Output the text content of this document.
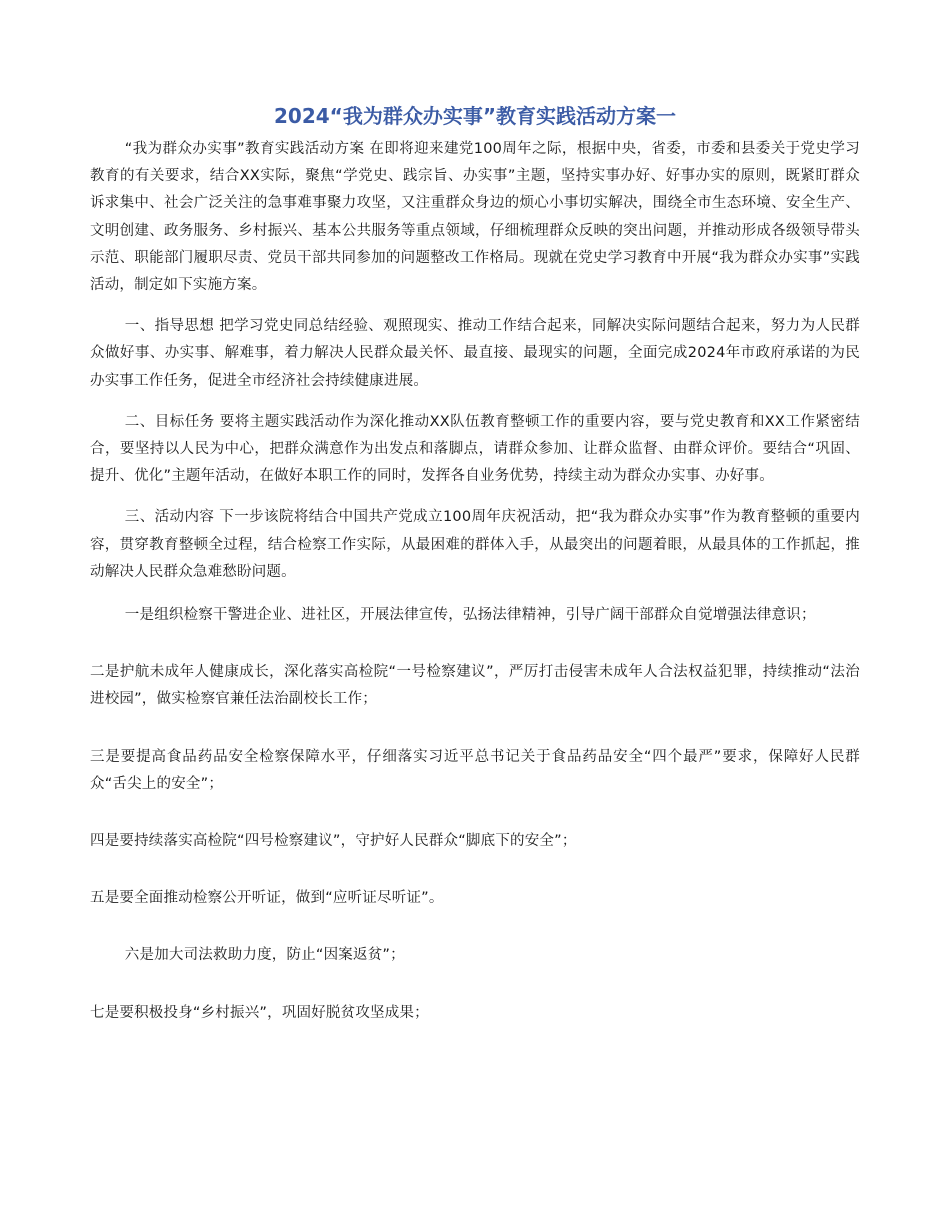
2024“我为群众办实事”教育实践活动方案一

“我为群众办实事”教育实践活动方案 在即将迎来建党100周年之际，根据中央，省委，市委和县委关于党史学习教育的有关要求，结合XX实际，聚焦“学党史、践宗旨、办实事”主题，坚持实事办好、好事办实的原则，既紧盯群众诉求集中、社会广泛关注的急事难事聚力攻坚，又注重群众身边的烦心小事切实解决，围绕全市生态环境、安全生产、文明创建、政务服务、乡村振兴、基本公共服务等重点领域，仔细梳理群众反映的突出问题，并推动形成各级领导带头示范、职能部门履职尽责、党员干部共同参加的问题整改工作格局。现就在党史学习教育中开展“我为群众办实事”实践活动，制定如下实施方案。

一、指导思想 把学习党史同总结经验、观照现实、推动工作结合起来，同解决实际问题结合起来，努力为人民群众做好事、办实事、解难事，着力解决人民群众最关怀、最直接、最现实的问题，全面完成2024年市政府承诺的为民办实事工作任务，促进全市经济社会持续健康进展。

二、目标任务 要将主题实践活动作为深化推动XX队伍教育整顿工作的重要内容，要与党史教育和XX工作紧密结合，要坚持以人民为中心，把群众满意作为出发点和落脚点，请群众参加、让群众监督、由群众评价。要结合“巩固、提升、优化”主题年活动，在做好本职工作的同时，发挥各自业务优势，持续主动为群众办实事、办好事。

三、活动内容 下一步该院将结合中国共产党成立100周年庆祝活动，把“我为群众办实事”作为教育整顿的重要内容，贯穿教育整顿全过程，结合检察工作实际，从最困难的群体入手，从最突出的问题着眼，从最具体的工作抓起，推动解决人民群众急难愁盼问题。

一是组织检察干警进企业、进社区，开展法律宣传，弘扬法律精神，引导广阔干部群众自觉增强法律意识；

二是护航未成年人健康成长，深化落实高检院“一号检察建议”，严厉打击侵害未成年人合法权益犯罪，持续推动“法治进校园”，做实检察官兼任法治副校长工作；

三是要提高食品药品安全检察保障水平，仔细落实习近平总书记关于食品药品安全“四个最严”要求，保障好人民群众“舌尖上的安全”；

四是要持续落实高检院“四号检察建议”，守护好人民群众“脚底下的安全”；

五是要全面推动检察公开听证，做到“应听证尽听证”。

六是加大司法救助力度，防止“因案返贫”；

七是要积极投身“乡村振兴”，巩固好脱贫攻坚成果；
